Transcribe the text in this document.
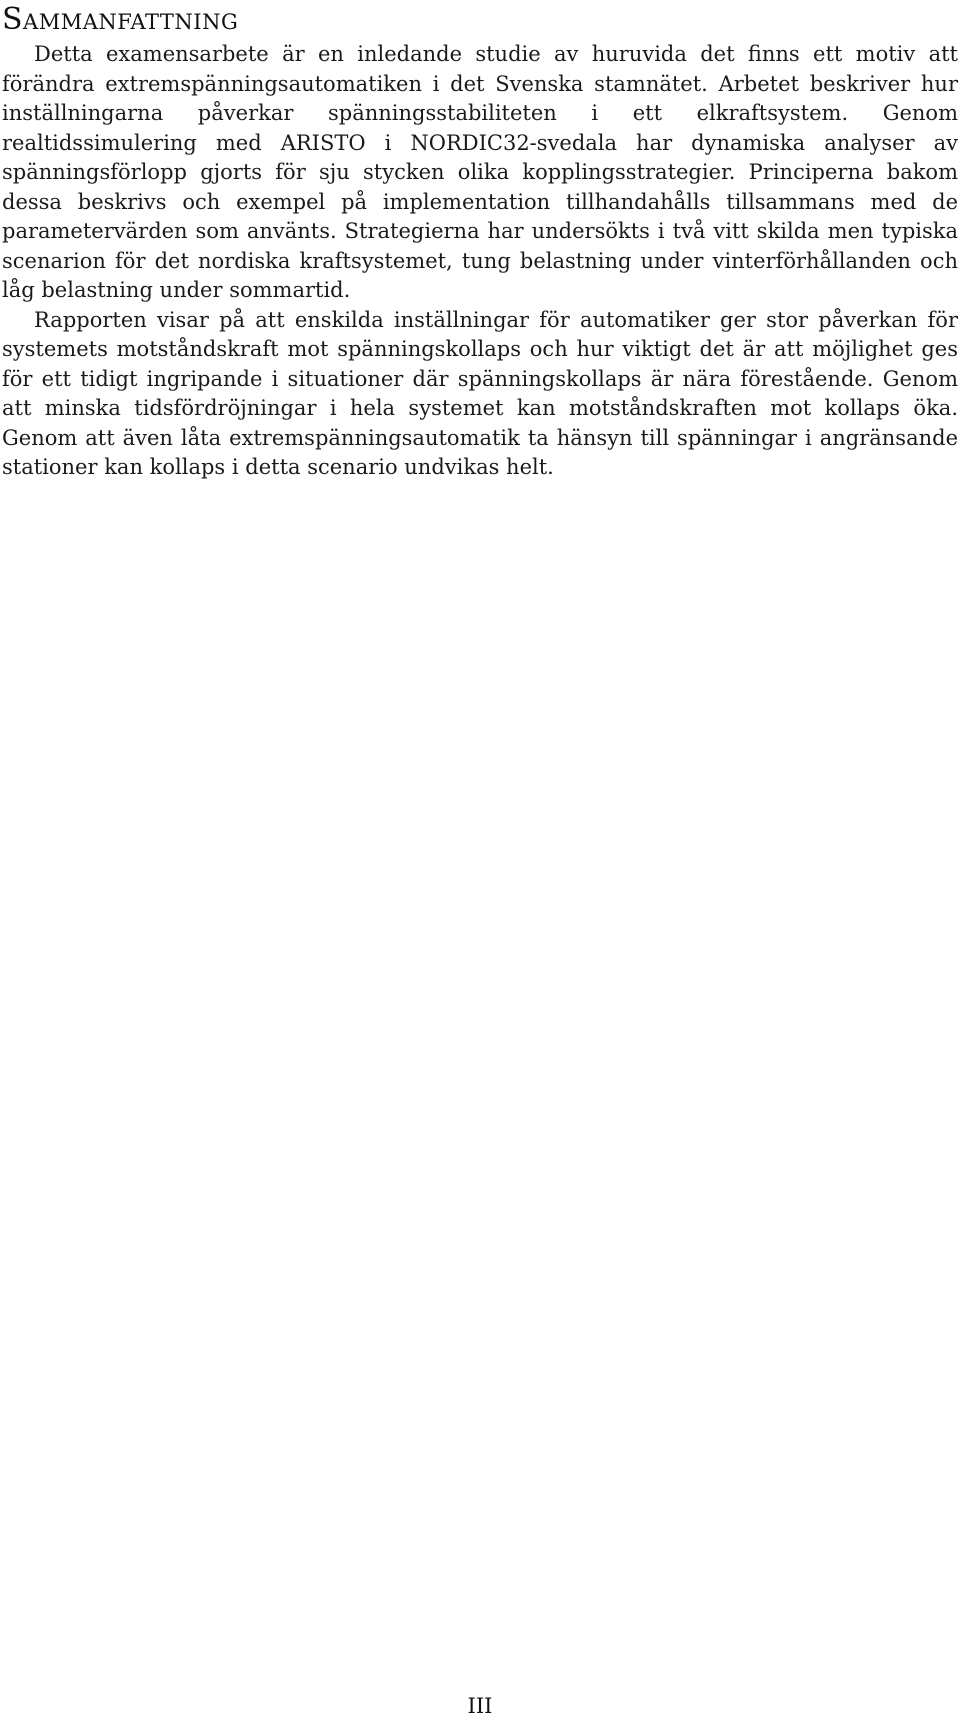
Sammanfattning

Detta examensarbete är en inledande studie av huruvida det finns ett motiv att förändra extremspänningsautomatiken i det Svenska stamnätet. Arbetet beskriver hur inställningarna påverkar spänningsstabiliteten i ett elkraftsystem. Genom realtidssimulering med ARISTO i NORDIC32-svedala har dynamiska analyser av spänningsförlopp gjorts för sju stycken olika kopplingsstrategier. Principerna bakom dessa beskrivs och exempel på implementation tillhandahålls tillsammans med de parametervärden som använts. Strategierna har undersökts i två vitt skilda men typiska scenarion för det nordiska kraftsystemet, tung belastning under vinterförhållanden och låg belastning under sommartid.

Rapporten visar på att enskilda inställningar för automatiker ger stor påverkan för systemets motståndskraft mot spänningskollaps och hur viktigt det är att möjlighet ges för ett tidigt ingripande i situationer där spänningskollaps är nära förestående. Genom att minska tidsfördröjningar i hela systemet kan motståndskraften mot kollaps öka. Genom att även låta extremspänningsautomatik ta hänsyn till spänningar i angränsande stationer kan kollaps i detta scenario undvikas helt.

III
